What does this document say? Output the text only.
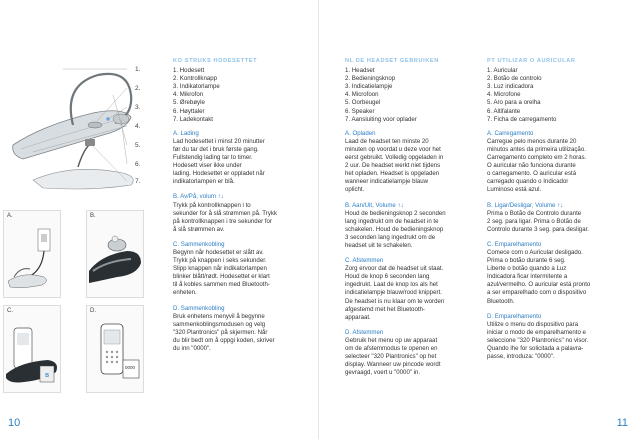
1.
2.
3.
4.
5.
6.
7.
A.	B.
C.
ʙ
D.
0000
KO STRUKS HODESETTET
1. Hodesett
2. Kontrollknapp
3. Indikatorlampe
4. Mikrofon
5. Ørebøyle
6. Høyttaler
7. Ladekontakt
A. Lading
Lad hodesettet i minst 20 minutter
før du tar det i bruk første gang.
Fullstendig lading tar to timer.
Hodesett viser ikke under
lading. Hodesettet er oppladet når
indikatorlampen er blå.
B. Av/På, volum ↑↓
Trykk på kontrollknappen i to
sekunder for å slå strømmen på. Trykk
på kontrollknappen i tre sekunder for
å slå strømmen av.
C. Sammenkobling
Begynn når hodesettet er slått av.
Trykk på knappen i seks sekunder.
Slipp knappen når indikatorlampen
blinker blått/rødt. Hodesettet er klart
til å kobles sammen med Bluetooth-
enheten.
D. Sammenkobling
Bruk enhetens menyvil å begynne
sammenkoblingsmodusen og velg
"320 Plantronics" på skjermen. Når
du blir bedt om å oppgi koden, skriver
du inn "0000".
NL DE HEADSET GEBRUIKEN
1. Headset
2. Bedieningsknop
3. Indicatielampje
4. Microfoon
5. Oorbeugel
6. Speaker
7. Aansluiting voor oplader
A. Opladen
Laad de headset ten minste 20
minuten op voordat u deze voor het
eerst gebruikt. Volledig opgeladen in
2 uur. De headset werkt niet tijdens
het opladen. Headset is opgeladen
wanneer indicatielampje blauw
oplicht.
B. Aan/Uit, Volume ↑↓
Houd de bedieningsknop 2 seconden
lang ingedrukt om de headset in te
schakelen. Houd de bedieningsknop
3 seconden lang ingedrukt om de
headset uit te schakelen.
C. Afstemmen
Zorg ervoor dat de headset uit staat.
Houd de knop 6 seconden lang
ingedrukt. Laat de knop los als het
indicatielampje blauw/rood knippert.
De headset is nu klaar om te worden
afgestemd met het Bluetooth-
apparaat.
D. Afstemmen
Gebruik het menu op uw apparaat
om de afstemmodus te openen en
selecteer "320 Plantronics" op het
display. Wanneer uw pincode wordt
gevraagd, voert u "0000" in.
PT UTILIZAR O AURICULAR
1. Auricular
2. Botão de controlo
3. Luz indicadora
4. Microfone
5. Aro para a orelha
6. Altifalante
7. Ficha de carregamento
A. Carregamento
Carregue pelo menos durante 20
minutos antes da primeira utilização.
Carregamento completo em 2 horas.
O auricular não funciona durante
o carregamento. O auricular está
carregado quando o Indicador
Luminoso está azul.
B. Ligar/Desligar, Volume ↑↓
Prima o Botão de Controlo durante
2 seg. para ligar. Prima o Botão de
Controlo durante 3 seg. para desligar.
C. Emparelhamento
Comece com o Auricular desligado.
Prima o botão durante 6 seg.
Liberte o botão quando a Luz
Indicadora ficar intermitente a
azul/vermelho. O auricular está pronto
a ser emparelhado com o dispositivo
Bluetooth.
D. Emparelhamento
Utilize o menu do dispositivo para
iniciar o modo de emparelhamento e
seleccione "320 Plantronics" no visor.
Quando lhe for solicitada a palavra-
passe, introduza: "0000".
10	11
